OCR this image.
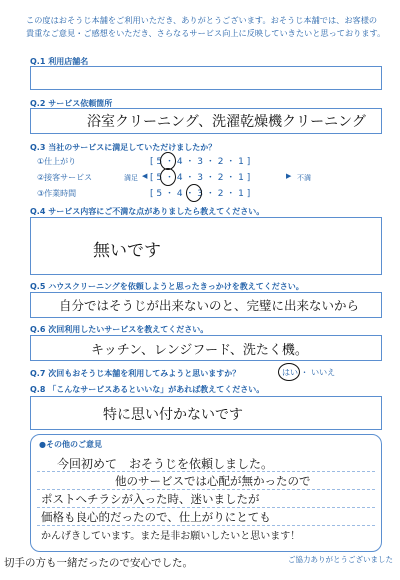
この度はおそうじ本舗をご利用いただき、ありがとうございます。おそうじ本舗では、お客様の
貴重なご意見・ご感想をいただき、さらなるサービス向上に反映していきたいと思っております。
Q.1 利用店舗名
Q.2 サービス依頼箇所
浴室クリーニング、洗濯乾燥機クリーニング
Q.3 当社のサービスに満足していただけましたか？
①仕上がり	[ 5 ・ 4 ・ 3 ・ 2 ・ 1 ]
②接客サービス	満足 ◀ [ 5 ・ 4 ・ 3 ・ 2 ・ 1 ]	▶ 不満
③作業時間	[ 5 ・ 4 ・ 3 ・ 2 ・ 1 ]
Q.4 サービス内容にご不満な点がありましたら教えてください。
無いです
Q.5 ハウスクリーニングを依頼しようと思ったきっかけを教えてください。
自分ではそうじが出来ないのと、完璧に出来ないから
Q.6 次回利用したいサービスを教えてください。
キッチン、レンジフード、洗たく機。
Q.7 次回もおそうじ本舗を利用してみようと思いますか？	はい ・ いいえ
Q.8 「こんなサービスあるといいな」があれば教えてください。
特に思い付かないです
●その他のご意見
今回初めて　おそうじを依頼しました。
他のサービスでは心配が無かったので
ポストへチラシが入った時、迷いましたが
価格も良心的だったので、仕上がりにとても
かんげきしています。また是非お願いしたいと思います！
ご協力ありがとうございました
切手の方も一緒だったので安心でした。
